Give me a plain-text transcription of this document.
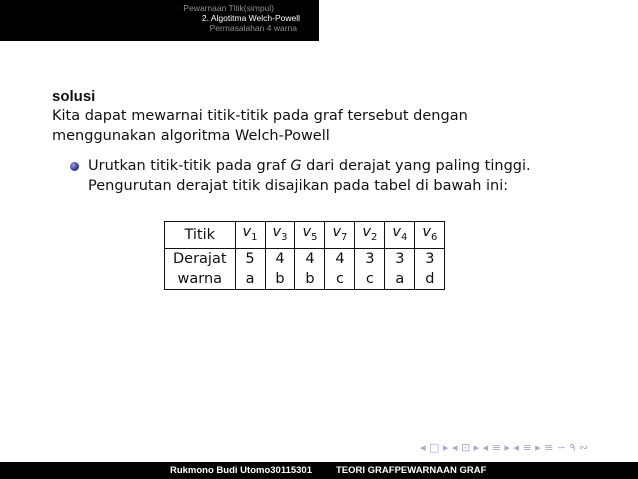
Pewarnaan Titik(simpul)
2. Algotitma Welch-Powell
Permasalahan 4 warna

solusi

Kita dapat mewarnai titik-titik pada graf tersebut dengan

menggunakan algoritma Welch-Powell

Urutkan titik-titik pada graf G dari derajat yang paling tinggi.
Pengurutan derajat titik disajikan pada tabel di bawah ini:
Titik	$v_1$	$v_3$	$v_5$	$v_7$	$v_2$	$v_4$	$v_6$
Derajat	5	4	4	4	3	3	3
warna	a	b	b	c	c	a	d
◂ □ ▸ ◂ ⊡ ▸ ◂ ≡ ▸ ◂ ≡ ▸ ≡ ∽ ۹ ∾
Rukmono Budi Utomo30115301	TEORI GRAFPEWARNAAN GRAF
